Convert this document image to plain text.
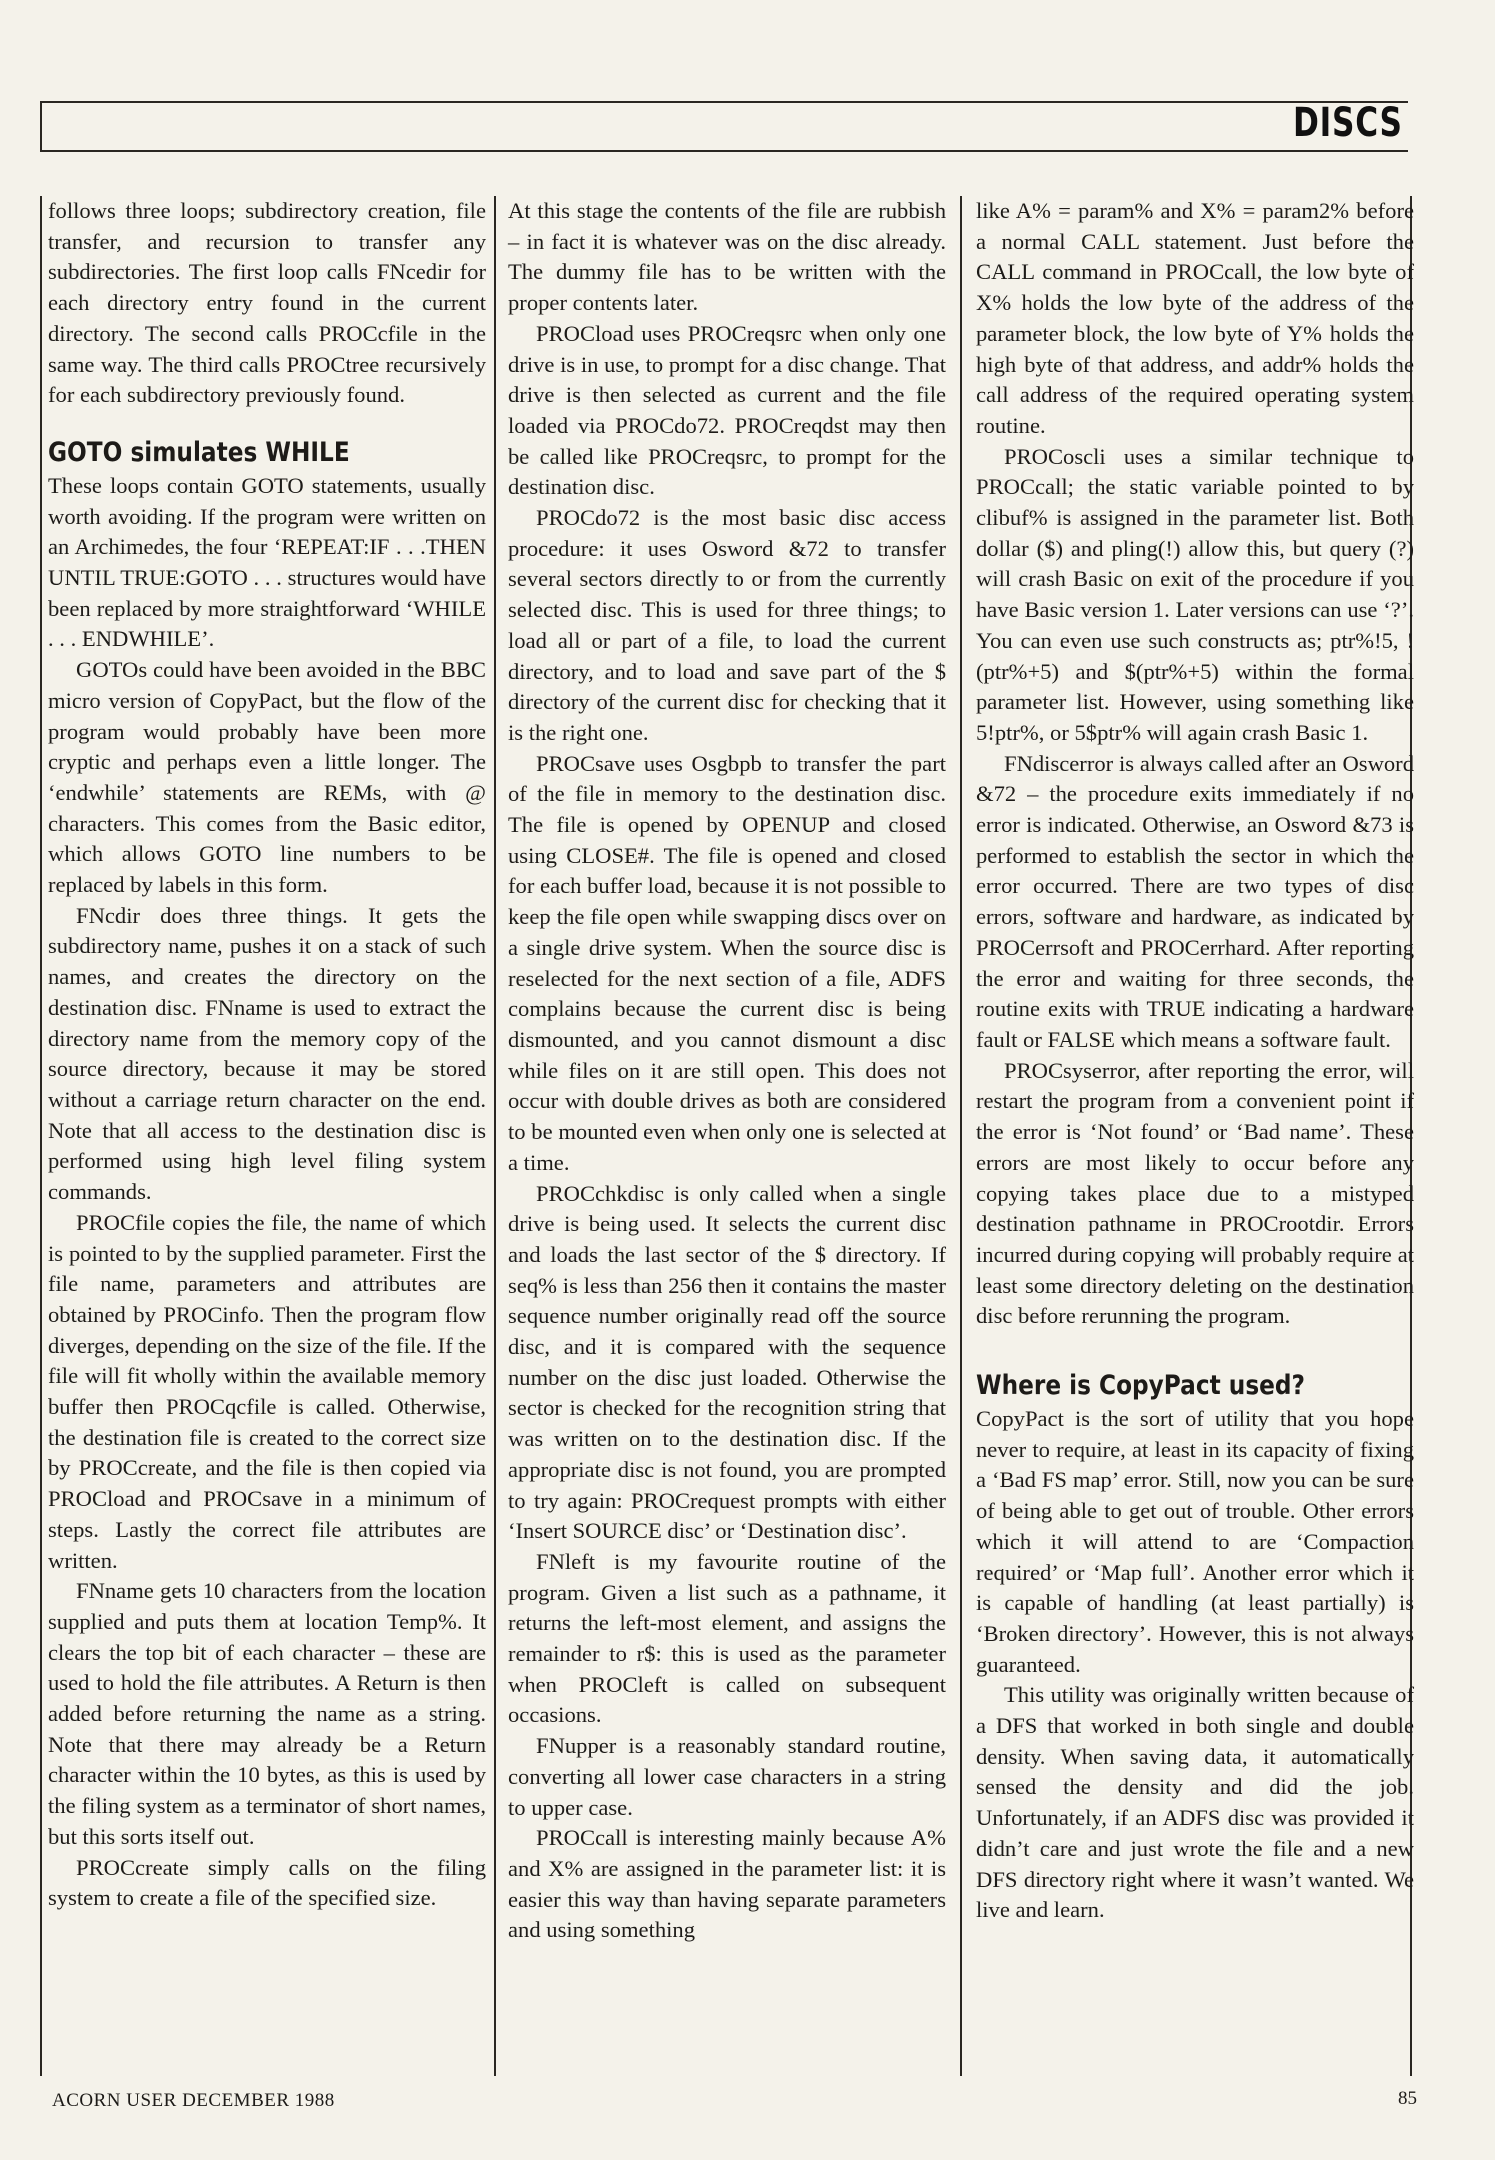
DISCS

follows three loops; subdirectory creation, file transfer, and recursion to transfer any subdirectories. The first loop calls FNcedir for each directory entry found in the current directory. The second calls PROCcfile in the same way. The third calls PROCtree recursively for each subdirectory previously found.

GOTO simulates WHILE

These loops contain GOTO statements, usually worth avoiding. If the program were written on an Archimedes, the four ‘REPEAT:IF . . .THEN UNTIL TRUE:GOTO . . . structures would have been replaced by more straightforward ‘WHILE . . . ENDWHILE’.

GOTOs could have been avoided in the BBC micro version of CopyPact, but the flow of the program would probably have been more cryptic and perhaps even a little longer. The ‘endwhile’ statements are REMs, with @ characters. This comes from the Basic editor, which allows GOTO line numbers to be replaced by labels in this form.

FNcdir does three things. It gets the subdirectory name, pushes it on a stack of such names, and creates the directory on the destination disc. FNname is used to extract the directory name from the memory copy of the source directory, because it may be stored without a carriage return character on the end. Note that all access to the destination disc is performed using high level filing system commands.

PROCfile copies the file, the name of which is pointed to by the supplied parameter. First the file name, parameters and attributes are obtained by PROCinfo. Then the program flow diverges, depending on the size of the file. If the file will fit wholly within the available memory buffer then PROCqcfile is called. Otherwise, the destination file is created to the correct size by PROCcreate, and the file is then copied via PROCload and PROCsave in a minimum of steps. Lastly the correct file attributes are written.

FNname gets 10 characters from the location supplied and puts them at location Temp%. It clears the top bit of each character – these are used to hold the file attributes. A Return is then added before returning the name as a string. Note that there may already be a Return character within the 10 bytes, as this is used by the filing system as a terminator of short names, but this sorts itself out.

PROCcreate simply calls on the filing system to create a file of the specified size.

At this stage the contents of the file are rubbish – in fact it is whatever was on the disc already. The dummy file has to be written with the proper contents later.

PROCload uses PROCreqsrc when only one drive is in use, to prompt for a disc change. That drive is then selected as current and the file loaded via PROCdo72. PROCreqdst may then be called like PROCreqsrc, to prompt for the destination disc.

PROCdo72 is the most basic disc access procedure: it uses Osword &72 to transfer several sectors directly to or from the currently selected disc. This is used for three things; to load all or part of a file, to load the current directory, and to load and save part of the $ directory of the current disc for checking that it is the right one.

PROCsave uses Osgbpb to transfer the part of the file in memory to the destination disc. The file is opened by OPENUP and closed using CLOSE#. The file is opened and closed for each buffer load, because it is not possible to keep the file open while swapping discs over on a single drive system. When the source disc is reselected for the next section of a file, ADFS complains because the current disc is being dismounted, and you cannot dismount a disc while files on it are still open. This does not occur with double drives as both are considered to be mounted even when only one is selected at a time.

PROCchkdisc is only called when a single drive is being used. It selects the current disc and loads the last sector of the $ directory. If seq% is less than 256 then it contains the master sequence number originally read off the source disc, and it is compared with the sequence number on the disc just loaded. Otherwise the sector is checked for the recognition string that was written on to the destination disc. If the appropriate disc is not found, you are prompted to try again: PROCrequest prompts with either ‘Insert SOURCE disc’ or ‘Destination disc’.

FNleft is my favourite routine of the program. Given a list such as a pathname, it returns the left-most element, and assigns the remainder to r$: this is used as the parameter when PROCleft is called on subsequent occasions.

FNupper is a reasonably standard routine, converting all lower case characters in a string to upper case.

PROCcall is interesting mainly because A% and X% are assigned in the parameter list: it is easier this way than having separate parameters and using something

like A% = param% and X% = param2% before a normal CALL statement. Just before the CALL command in PROCcall, the low byte of X% holds the low byte of the address of the parameter block, the low byte of Y% holds the high byte of that address, and addr% holds the call address of the required operating system routine.

PROCoscli uses a similar technique to PROCcall; the static variable pointed to by clibuf% is assigned in the parameter list. Both dollar ($) and pling(!) allow this, but query (?) will crash Basic on exit of the procedure if you have Basic version 1. Later versions can use ‘?’. You can even use such constructs as; ptr%!5, !(ptr%+5) and $(ptr%+5) within the formal parameter list. However, using something like 5!ptr%, or 5$ptr% will again crash Basic 1.

FNdiscerror is always called after an Osword &72 – the procedure exits immediately if no error is indicated. Otherwise, an Osword &73 is performed to establish the sector in which the error occurred. There are two types of disc errors, software and hardware, as indicated by PROCerrsoft and PROCerrhard. After reporting the error and waiting for three seconds, the routine exits with TRUE indicating a hardware fault or FALSE which means a software fault.

PROCsyserror, after reporting the error, will restart the program from a convenient point if the error is ‘Not found’ or ‘Bad name’. These errors are most likely to occur before any copying takes place due to a mistyped destination pathname in PROCrootdir. Errors incurred during copying will probably require at least some directory deleting on the destination disc before rerunning the program.

Where is CopyPact used?

CopyPact is the sort of utility that you hope never to require, at least in its capacity of fixing a ‘Bad FS map’ error. Still, now you can be sure of being able to get out of trouble. Other errors which it will attend to are ‘Compaction required’ or ‘Map full’. Another error which it is capable of handling (at least partially) is ‘Broken directory’. However, this is not always guaranteed.

This utility was originally written because of a DFS that worked in both single and double density. When saving data, it automatically sensed the density and did the job. Unfortunately, if an ADFS disc was provided it didn’t care and just wrote the file and a new DFS directory right where it wasn’t wanted. We live and learn.

ACORN USER DECEMBER 1988	85
